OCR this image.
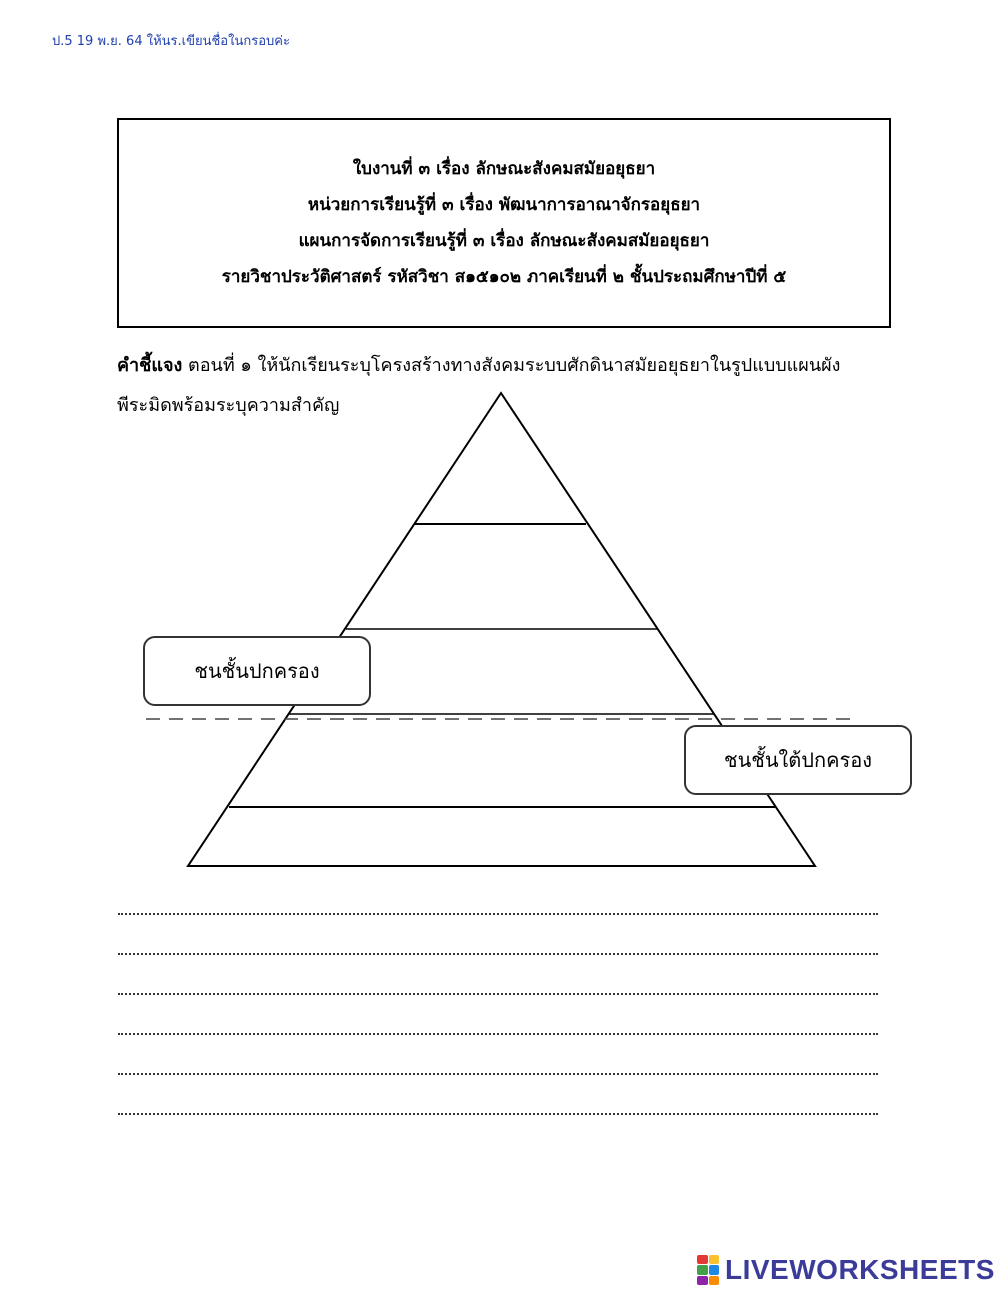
ป.5 19 พ.ย. 64 ให้นร.เขียนชื่อในกรอบค่ะ
ใบงานที่ ๓ เรื่อง ลักษณะสังคมสมัยอยุธยา
หน่วยการเรียนรู้ที่ ๓ เรื่อง พัฒนาการอาณาจักรอยุธยา
แผนการจัดการเรียนรู้ที่ ๓ เรื่อง ลักษณะสังคมสมัยอยุธยา
รายวิชาประวัติศาสตร์ รหัสวิชา ส๑๕๑๐๒ ภาคเรียนที่ ๒ ชั้นประถมศึกษาปีที่ ๕
คำชี้แจง ตอนที่ ๑ ให้นักเรียนระบุโครงสร้างทางสังคมระบบศักดินาสมัยอยุธยาในรูปแบบแผนผังพีระมิดพร้อมระบุความสำคัญ
ชนชั้นปกครอง
ชนชั้นใต้ปกครอง
LIVEWORKSHEETS
